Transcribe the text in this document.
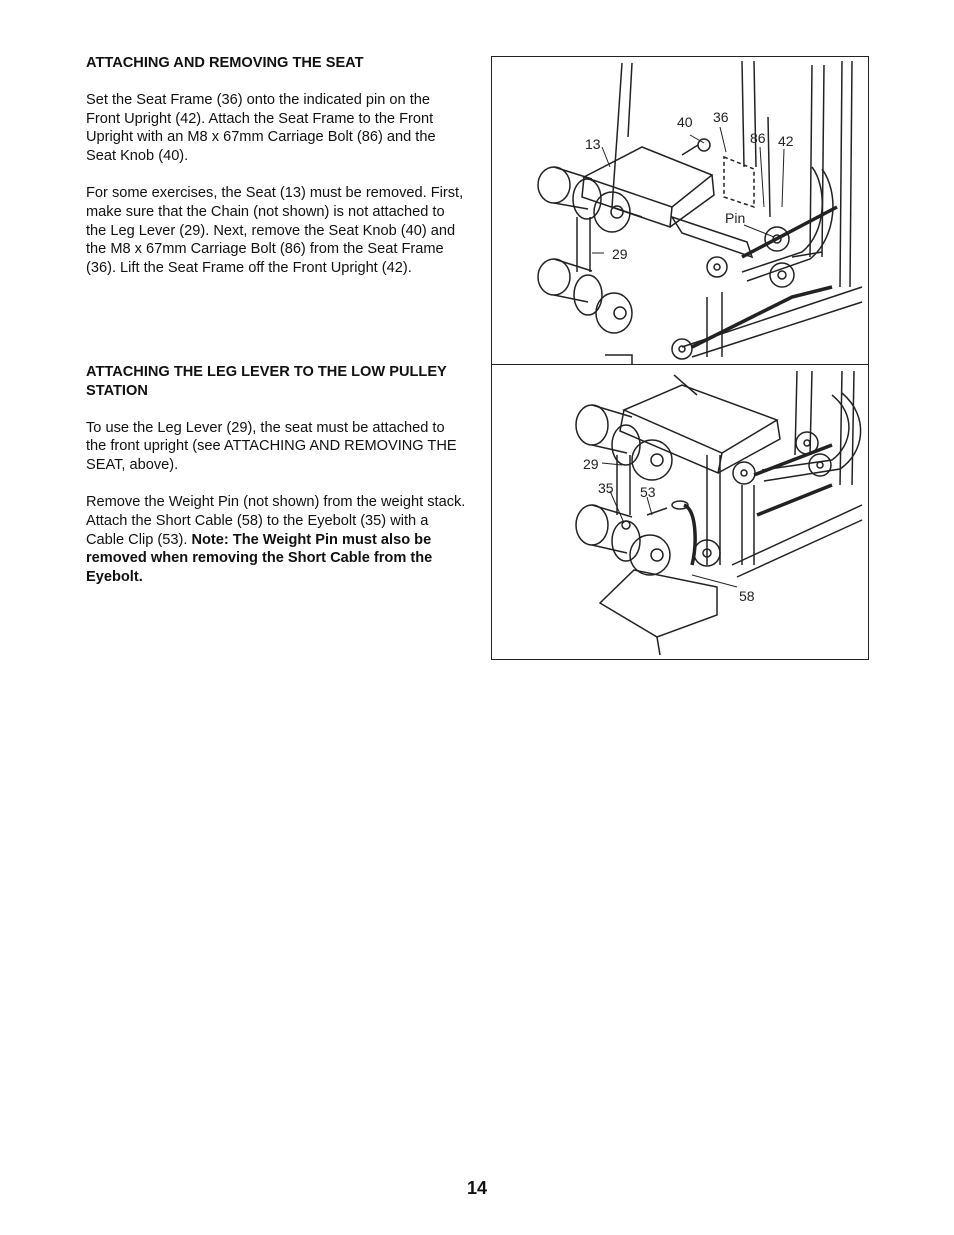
ATTACHING AND REMOVING THE SEAT

Set the Seat Frame (36) onto the indicated pin on the Front Upright (42). Attach the Seat Frame to the Front Upright with an M8 x 67mm Carriage Bolt (86) and the Seat Knob (40).

For some exercises, the Seat (13) must be removed. First, make sure that the Chain (not shown) is not attached to the Leg Lever (29). Next, remove the Seat Knob (40) and the M8 x 67mm Carriage Bolt (86) from the Seat Frame (36). Lift the Seat Frame off the Front Upright (42).

ATTACHING THE LEG LEVER TO THE LOW PULLEY STATION

To use the Leg Lever (29), the seat must be attached to the front upright (see ATTACHING AND REMOVING THE SEAT, above).

Remove the Weight Pin (not shown) from the weight stack. Attach the Short Cable (58) to the Eyebolt (35) with a Cable Clip (53). Note: The Weight Pin must also be removed when removing the Short Cable from the Eyebolt.

40 36
13	86 42
Pin
29
29
35 53
58
14
